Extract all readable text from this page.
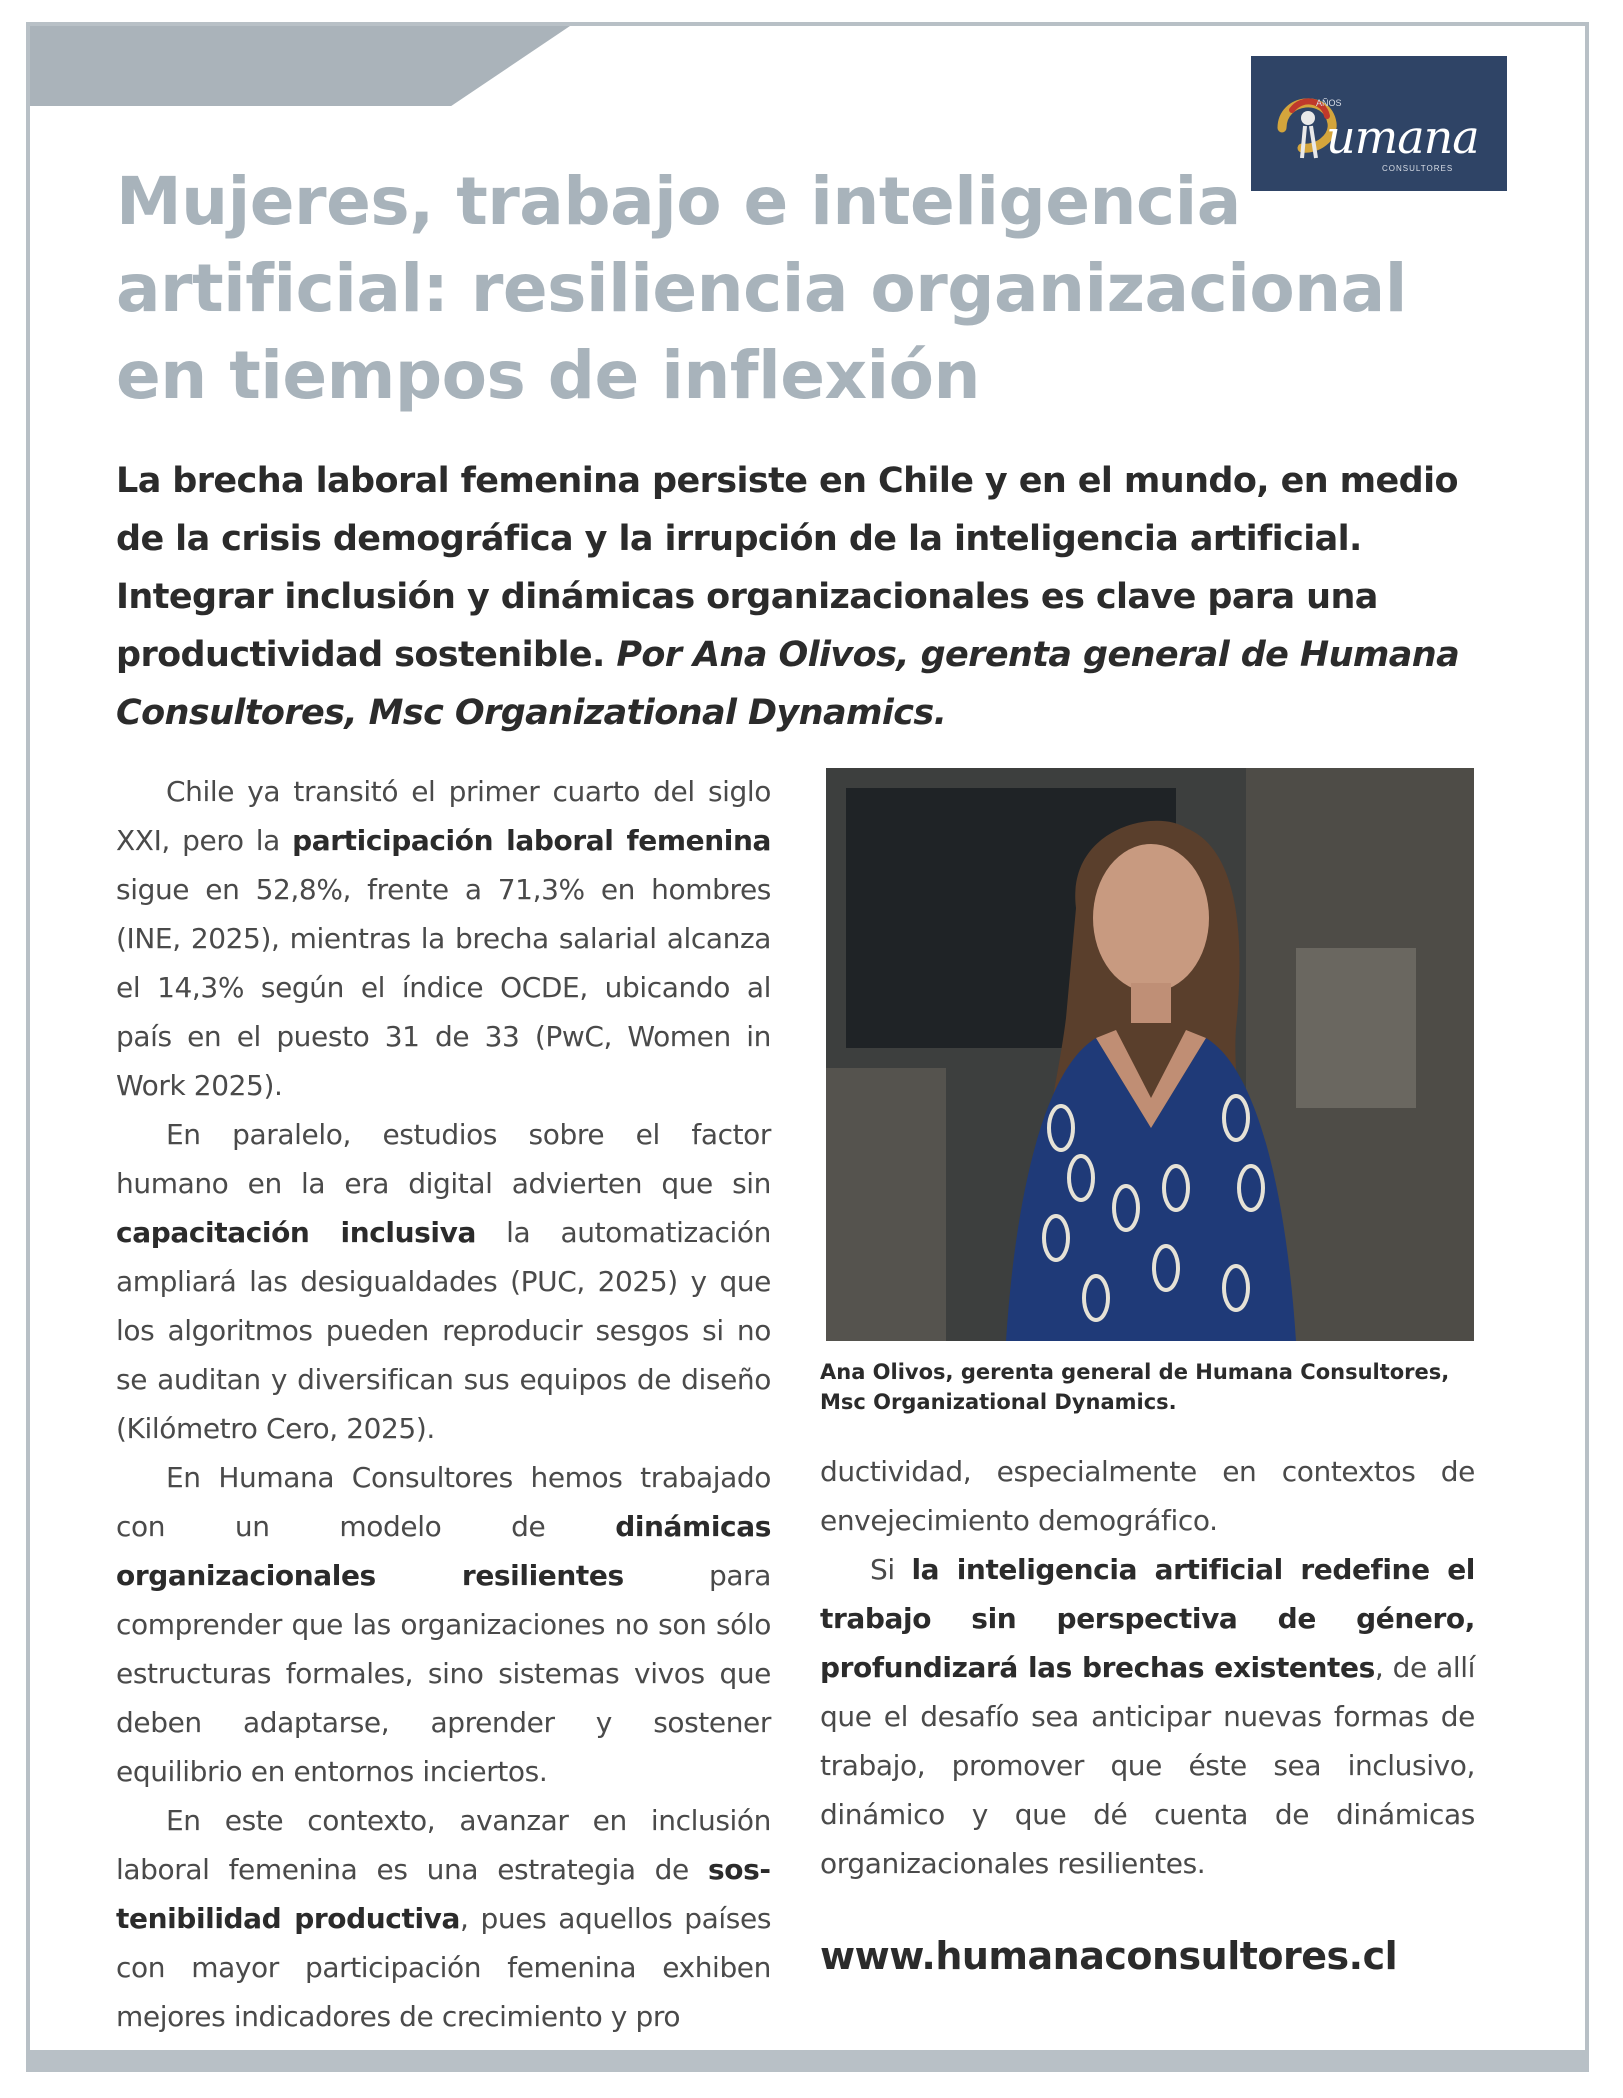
AÑOS
umana
CONSULTORES
Mujeres, trabajo e inteligencia artificial: resiliencia organizacional en tiempos de inflexión

La brecha laboral femenina persiste en Chile y en el mundo, en medio de la crisis demográfica y la irrupción de la inteligencia artificial. Integrar inclusión y dinámicas organizacionales es clave para una productividad sostenible. Por Ana Olivos, gerenta general de Humana Consultores, Msc Organizational Dynamics.

Chile ya transitó el primer cuarto del siglo XXI, pero la participación laboral femenina sigue en 52,8%, frente a 71,3% en hombres (INE, 2025), mientras la brecha salarial alcanza el 14,3% según el índice OCDE, ubicando al país en el puesto 31 de 33 (PwC, Women in Work 2025).

En paralelo, estudios sobre el factor humano en la era digital advierten que sin capacitación inclusiva la automatización ampliará las desigualdades (PUC, 2025) y que los algoritmos pueden reproducir sesgos si no se auditan y diversifican sus equipos de diseño (Kilómetro Cero, 2025).

En Humana Consultores hemos trabajado con un modelo de dinámicas organizacionales resilientes para comprender que las organizaciones no son sólo estructuras formales, sino sistemas vivos que deben adaptarse, aprender y sostener equilibrio en entornos inciertos.

En este contexto, avanzar en inclusión laboral femenina es una estrategia de sostenibilidad productiva, pues aquellos países con mayor participación femenina exhiben mejores indicadores de crecimiento y pro

Ana Olivos, gerenta general de Humana Consultores, Msc Organizational Dynamics.

ductividad, especialmente en contextos de envejecimiento demográfico.

Si la inteligencia artificial redefine el trabajo sin perspectiva de género, profundizará las brechas existentes, de allí que el desafío sea anticipar nuevas formas de trabajo, promover que éste sea inclusivo, dinámico y que dé cuenta de dinámicas organizacionales resilientes.

www.humanaconsultores.cl
